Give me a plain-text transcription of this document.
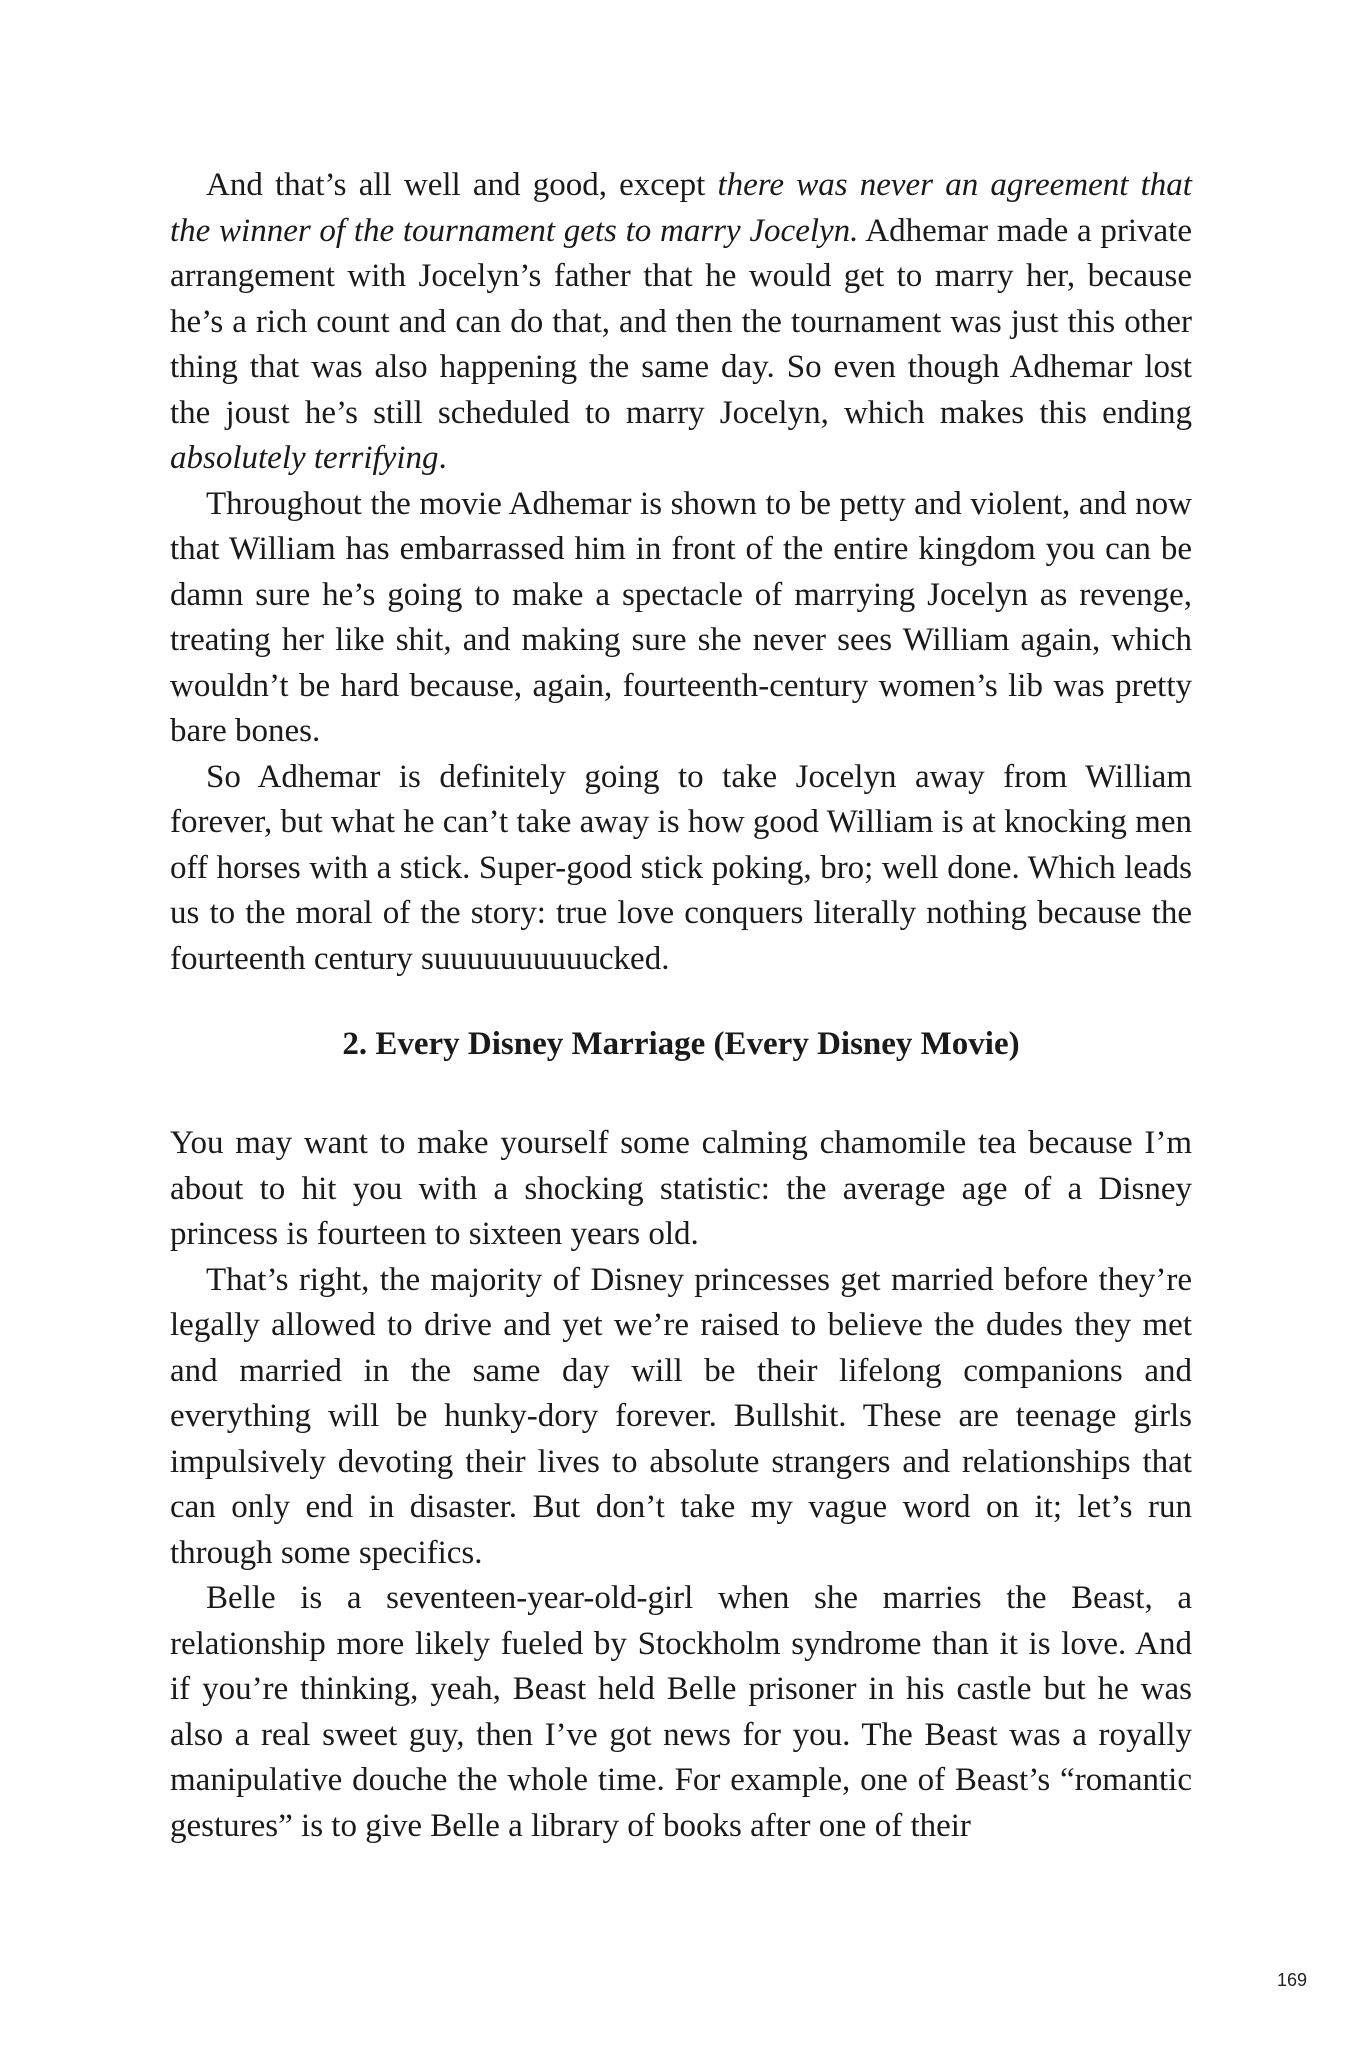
And that’s all well and good, except there was never an agreement that the winner of the tournament gets to marry Jocelyn. Adhemar made a private arrangement with Jocelyn’s father that he would get to marry her, because he’s a rich count and can do that, and then the tournament was just this other thing that was also happening the same day. So even though Adhemar lost the joust he’s still scheduled to marry Jocelyn, which makes this ending absolutely terrifying.

Throughout the movie Adhemar is shown to be petty and violent, and now that William has embarrassed him in front of the entire kingdom you can be damn sure he’s going to make a spectacle of marrying Jocelyn as revenge, treating her like shit, and making sure she never sees William again, which wouldn’t be hard because, again, fourteenth-century women’s lib was pretty bare bones.

So Adhemar is definitely going to take Jocelyn away from William forever, but what he can’t take away is how good William is at knocking men off horses with a stick. Super-good stick poking, bro; well done. Which leads us to the moral of the story: true love conquers literally nothing because the fourteenth century suuuuuuuuuucked.

2. Every Disney Marriage (Every Disney Movie)

You may want to make yourself some calming chamomile tea because I’m about to hit you with a shocking statistic: the average age of a Disney princess is fourteen to sixteen years old.

That’s right, the majority of Disney princesses get married before they’re legally allowed to drive and yet we’re raised to believe the dudes they met and married in the same day will be their lifelong companions and everything will be hunky-dory forever. Bullshit. These are teenage girls impulsively devoting their lives to absolute strangers and relationships that can only end in disaster. But don’t take my vague word on it; let’s run through some specifics.

Belle is a seventeen-year-old-girl when she marries the Beast, a relationship more likely fueled by Stockholm syndrome than it is love. And if you’re thinking, yeah, Beast held Belle prisoner in his castle but he was also a real sweet guy, then I’ve got news for you. The Beast was a royally manipulative douche the whole time. For example, one of Beast’s “romantic gestures” is to give Belle a library of books after one of their

169
